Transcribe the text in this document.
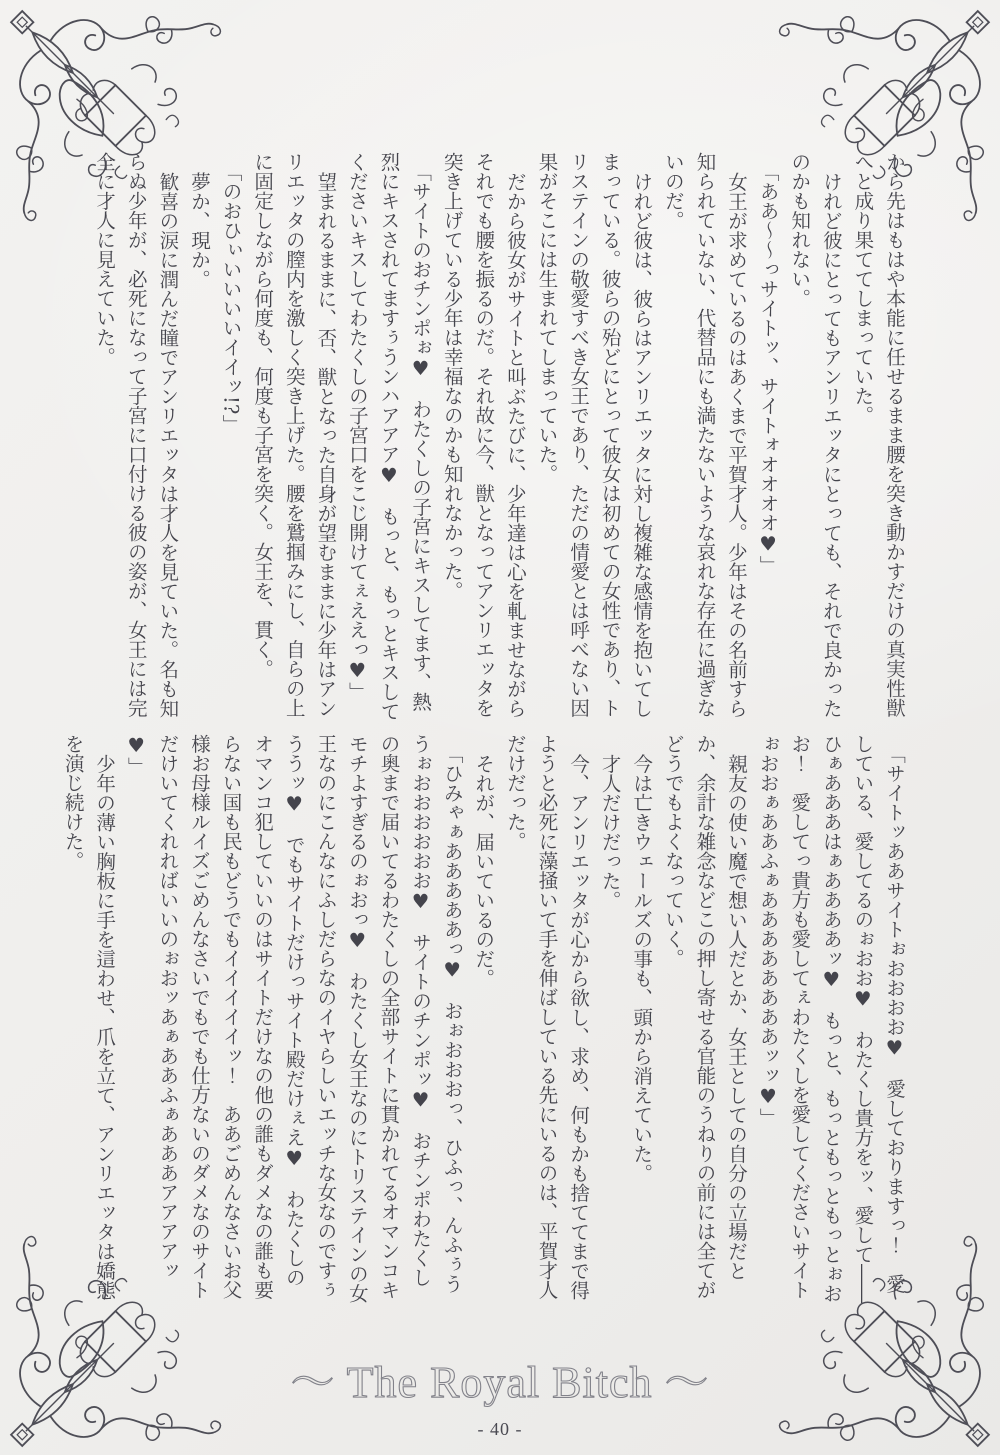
から先はもはや本能に任せるまま腰を突き動かすだけの真実性獣へと成り果ててしまっていた。

けれど彼にとってもアンリエッタにとっても、それで良かったのかも知れない。

「ああ〜〜っサイトッ、サイトォオオオオ♥」

女王が求めているのはあくまで平賀才人。少年はその名前すら知られていない、代替品にも満たないような哀れな存在に過ぎないのだ。

けれど彼は、彼らはアンリエッタに対し複雑な感情を抱いてしまっている。彼らの殆どにとって彼女は初めての女性であり、トリステインの敬愛すべき女王であり、ただの情愛とは呼べない因果がそこには生まれてしまっていた。

だから彼女がサイトと叫ぶたびに、少年達は心を軋ませながらそれでも腰を振るのだ。それ故に今、獣となってアンリエッタを突き上げている少年は幸福なのかも知れなかった。

「サイトのおチンポぉ♥　わたくしの子宮にキスしてます、熱烈にキスされてますぅうンハアアア♥　もっと、もっとキスしてくださいキスしてわたくしの子宮口をこじ開けてぇええっ♥」

望まれるままに、否、獣となった自身が望むままに少年はアンリエッタの膣内を激しく突き上げた。腰を鷲掴みにし、自らの上に固定しながら何度も、何度も子宮を突く。女王を、貫く。

「のおひぃいいいいイイッ!?」

夢か、現か。

歓喜の涙に潤んだ瞳でアンリエッタは才人を見ていた。名も知らぬ少年が、必死になって子宮に口付ける彼の姿が、女王には完全に才人に見えていた。

「サイトッああサイトぉおおおお♥　愛しておりますっ！　愛している、愛してるのぉおお♥　わたくし貴方をッ、愛して――ひぁあああはぁああああッ♥　もっと、もっともっともっとぉおお！　愛してっ貴方も愛してぇわたくしを愛してくださいサイトぉおおぁああふぁああああああああッッ♥」

親友の使い魔で想い人だとか、女王としての自分の立場だとか、余計な雑念などこの押し寄せる官能のうねりの前には全てがどうでもよくなっていく。

今は亡きウェールズの事も、頭から消えていた。

才人だけだった。

今、アンリエッタが心から欲し、求め、何もかも捨ててまで得ようと必死に藻掻いて手を伸ばしている先にいるのは、平賀才人だけだった。

それが、届いているのだ。

「ひみゃぁあああああっ♥　おぉおおおっ、ひふっ、んふぅううぉおおおおおお♥　サイトのチンポッ♥　おチンポわたくしの奥まで届いてるわたくしの全部サイトに貫かれてるオマンコキモチよすぎるのぉおっ♥　わたくし女王なのにトリステインの女王なのにこんなにふしだらなのイヤらしいエッチな女なのですぅううッ♥　でもサイトだけっサイト殿だけぇえ♥　わたくしのオマンコ犯していいのはサイトだけなの他の誰もダメなの誰も要らない国も民もどうでもイイイイイッ！　ああごめんなさいお父様お母様ルイズごめんなさいでもでも仕方ないのダメなのサイトだけいてくれればいいのぉおッあぁああふぁあああアアアアッ♥」

少年の薄い胸板に手を這わせ、爪を立て、アンリエッタは嬌態を演じ続けた。

～ The Royal Bitch ～
- 40 -
